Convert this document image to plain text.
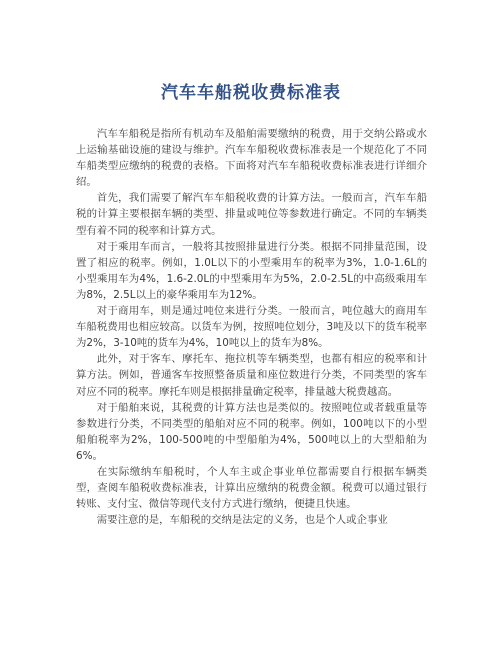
汽车车船税收费标准表

汽车车船税是指所有机动车及船舶需要缴纳的税费，用于交纳公路或水上运输基础设施的建设与维护。汽车车船税收费标准表是一个规范化了不同车船类型应缴纳的税费的表格。下面将对汽车车船税收费标准表进行详细介绍。

首先，我们需要了解汽车车船税收费的计算方法。一般而言，汽车车船税的计算主要根据车辆的类型、排量或吨位等参数进行确定。不同的车辆类型有着不同的税率和计算方式。

对于乘用车而言，一般将其按照排量进行分类。根据不同排量范围，设置了相应的税率。例如，1.0L以下的小型乘用车的税率为3%，1.0-1.6L的小型乘用车为4%，1.6-2.0L的中型乘用车为5%，2.0-2.5L的中高级乘用车为8%，2.5L以上的豪华乘用车为12%。

对于商用车，则是通过吨位来进行分类。一般而言，吨位越大的商用车车船税费用也相应较高。以货车为例，按照吨位划分，3吨及以下的货车税率为2%，3-10吨的货车为4%，10吨以上的货车为8%。

此外，对于客车、摩托车、拖拉机等车辆类型，也都有相应的税率和计算方法。例如，普通客车按照整备质量和座位数进行分类，不同类型的客车对应不同的税率。摩托车则是根据排量确定税率，排量越大税费越高。

对于船舶来说，其税费的计算方法也是类似的。按照吨位或者载重量等参数进行分类，不同类型的船舶对应不同的税率。例如，100吨以下的小型船舶税率为2%，100-500吨的中型船舶为4%，500吨以上的大型船舶为6%。

在实际缴纳车船税时，个人车主或企事业单位都需要自行根据车辆类型，查阅车船税收费标准表，计算出应缴纳的税费金额。税费可以通过银行转账、支付宝、微信等现代支付方式进行缴纳，便捷且快速。

需要注意的是，车船税的交纳是法定的义务，也是个人或企事业
